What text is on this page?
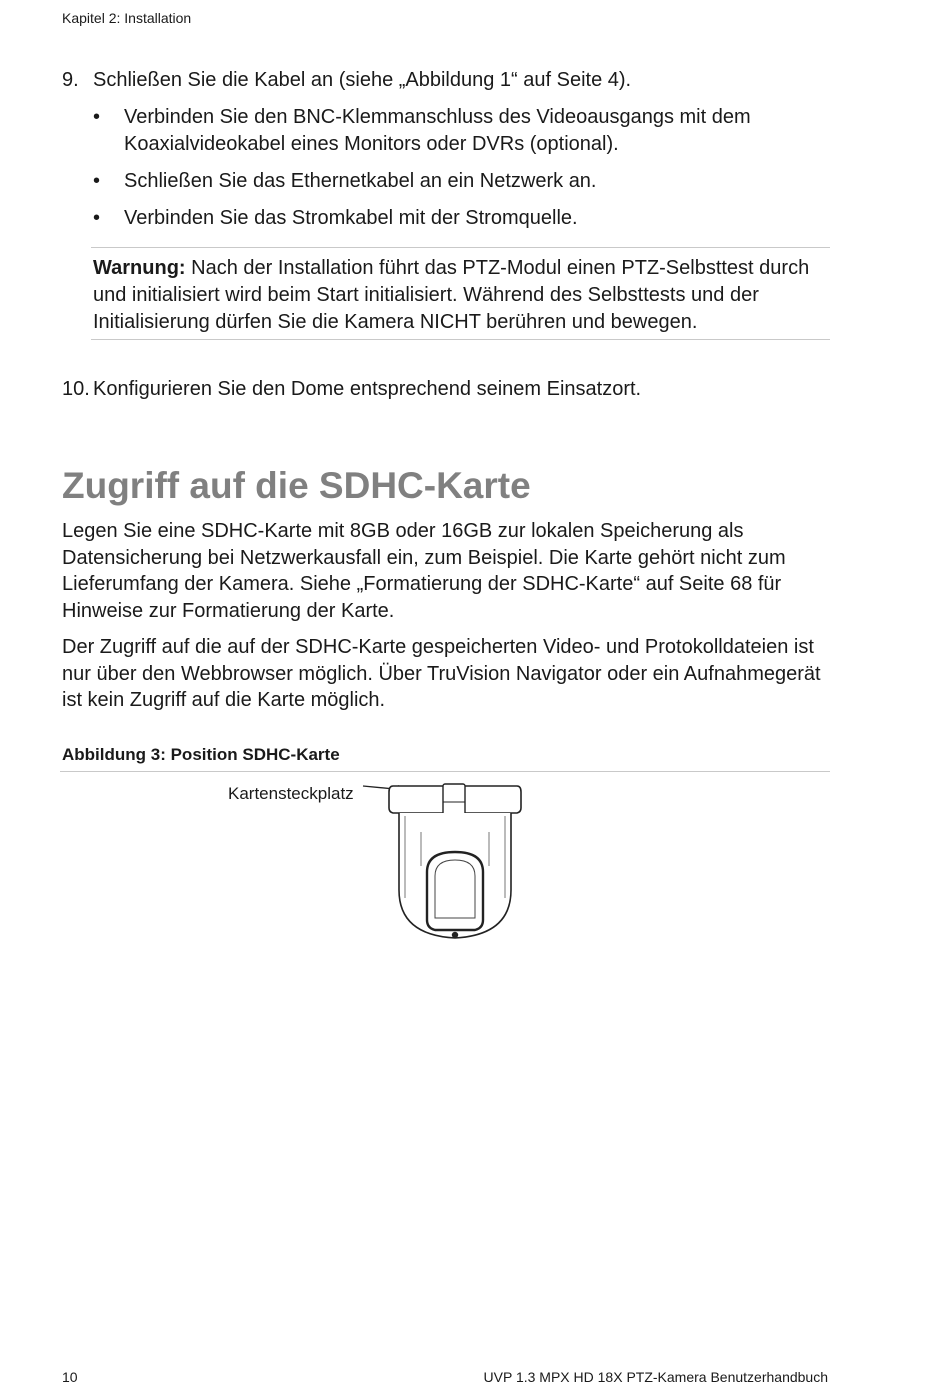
Kapitel 2: Installation
9. Schließen Sie die Kabel an (siehe „Abbildung 1“ auf Seite 4).
• Verbinden Sie den BNC-Klemmanschluss des Videoausgangs mit dem Koaxialvideokabel eines Monitors oder DVRs (optional).
• Schließen Sie das Ethernetkabel an ein Netzwerk an.
• Verbinden Sie das Stromkabel mit der Stromquelle.
Warnung: Nach der Installation führt das PTZ-Modul einen PTZ-Selbsttest durch und initialisiert wird beim Start initialisiert. Während des Selbsttests und der Initialisierung dürfen Sie die Kamera NICHT berühren und bewegen.
10. Konfigurieren Sie den Dome entsprechend seinem Einsatzort.
Zugriff auf die SDHC-Karte

Legen Sie eine SDHC-Karte mit 8GB oder 16GB zur lokalen Speicherung als Datensicherung bei Netzwerkausfall ein, zum Beispiel. Die Karte gehört nicht zum Lieferumfang der Kamera. Siehe „Formatierung der SDHC-Karte“ auf Seite 68 für Hinweise zur Formatierung der Karte.

Der Zugriff auf die auf der SDHC-Karte gespeicherten Video- und Protokolldateien ist nur über den Webbrowser möglich. Über TruVision Navigator oder ein Aufnahmegerät ist kein Zugriff auf die Karte möglich.

Abbildung 3: Position SDHC-Karte
Kartensteckplatz
10	UVP 1.3 MPX HD 18X PTZ-Kamera Benutzerhandbuch
